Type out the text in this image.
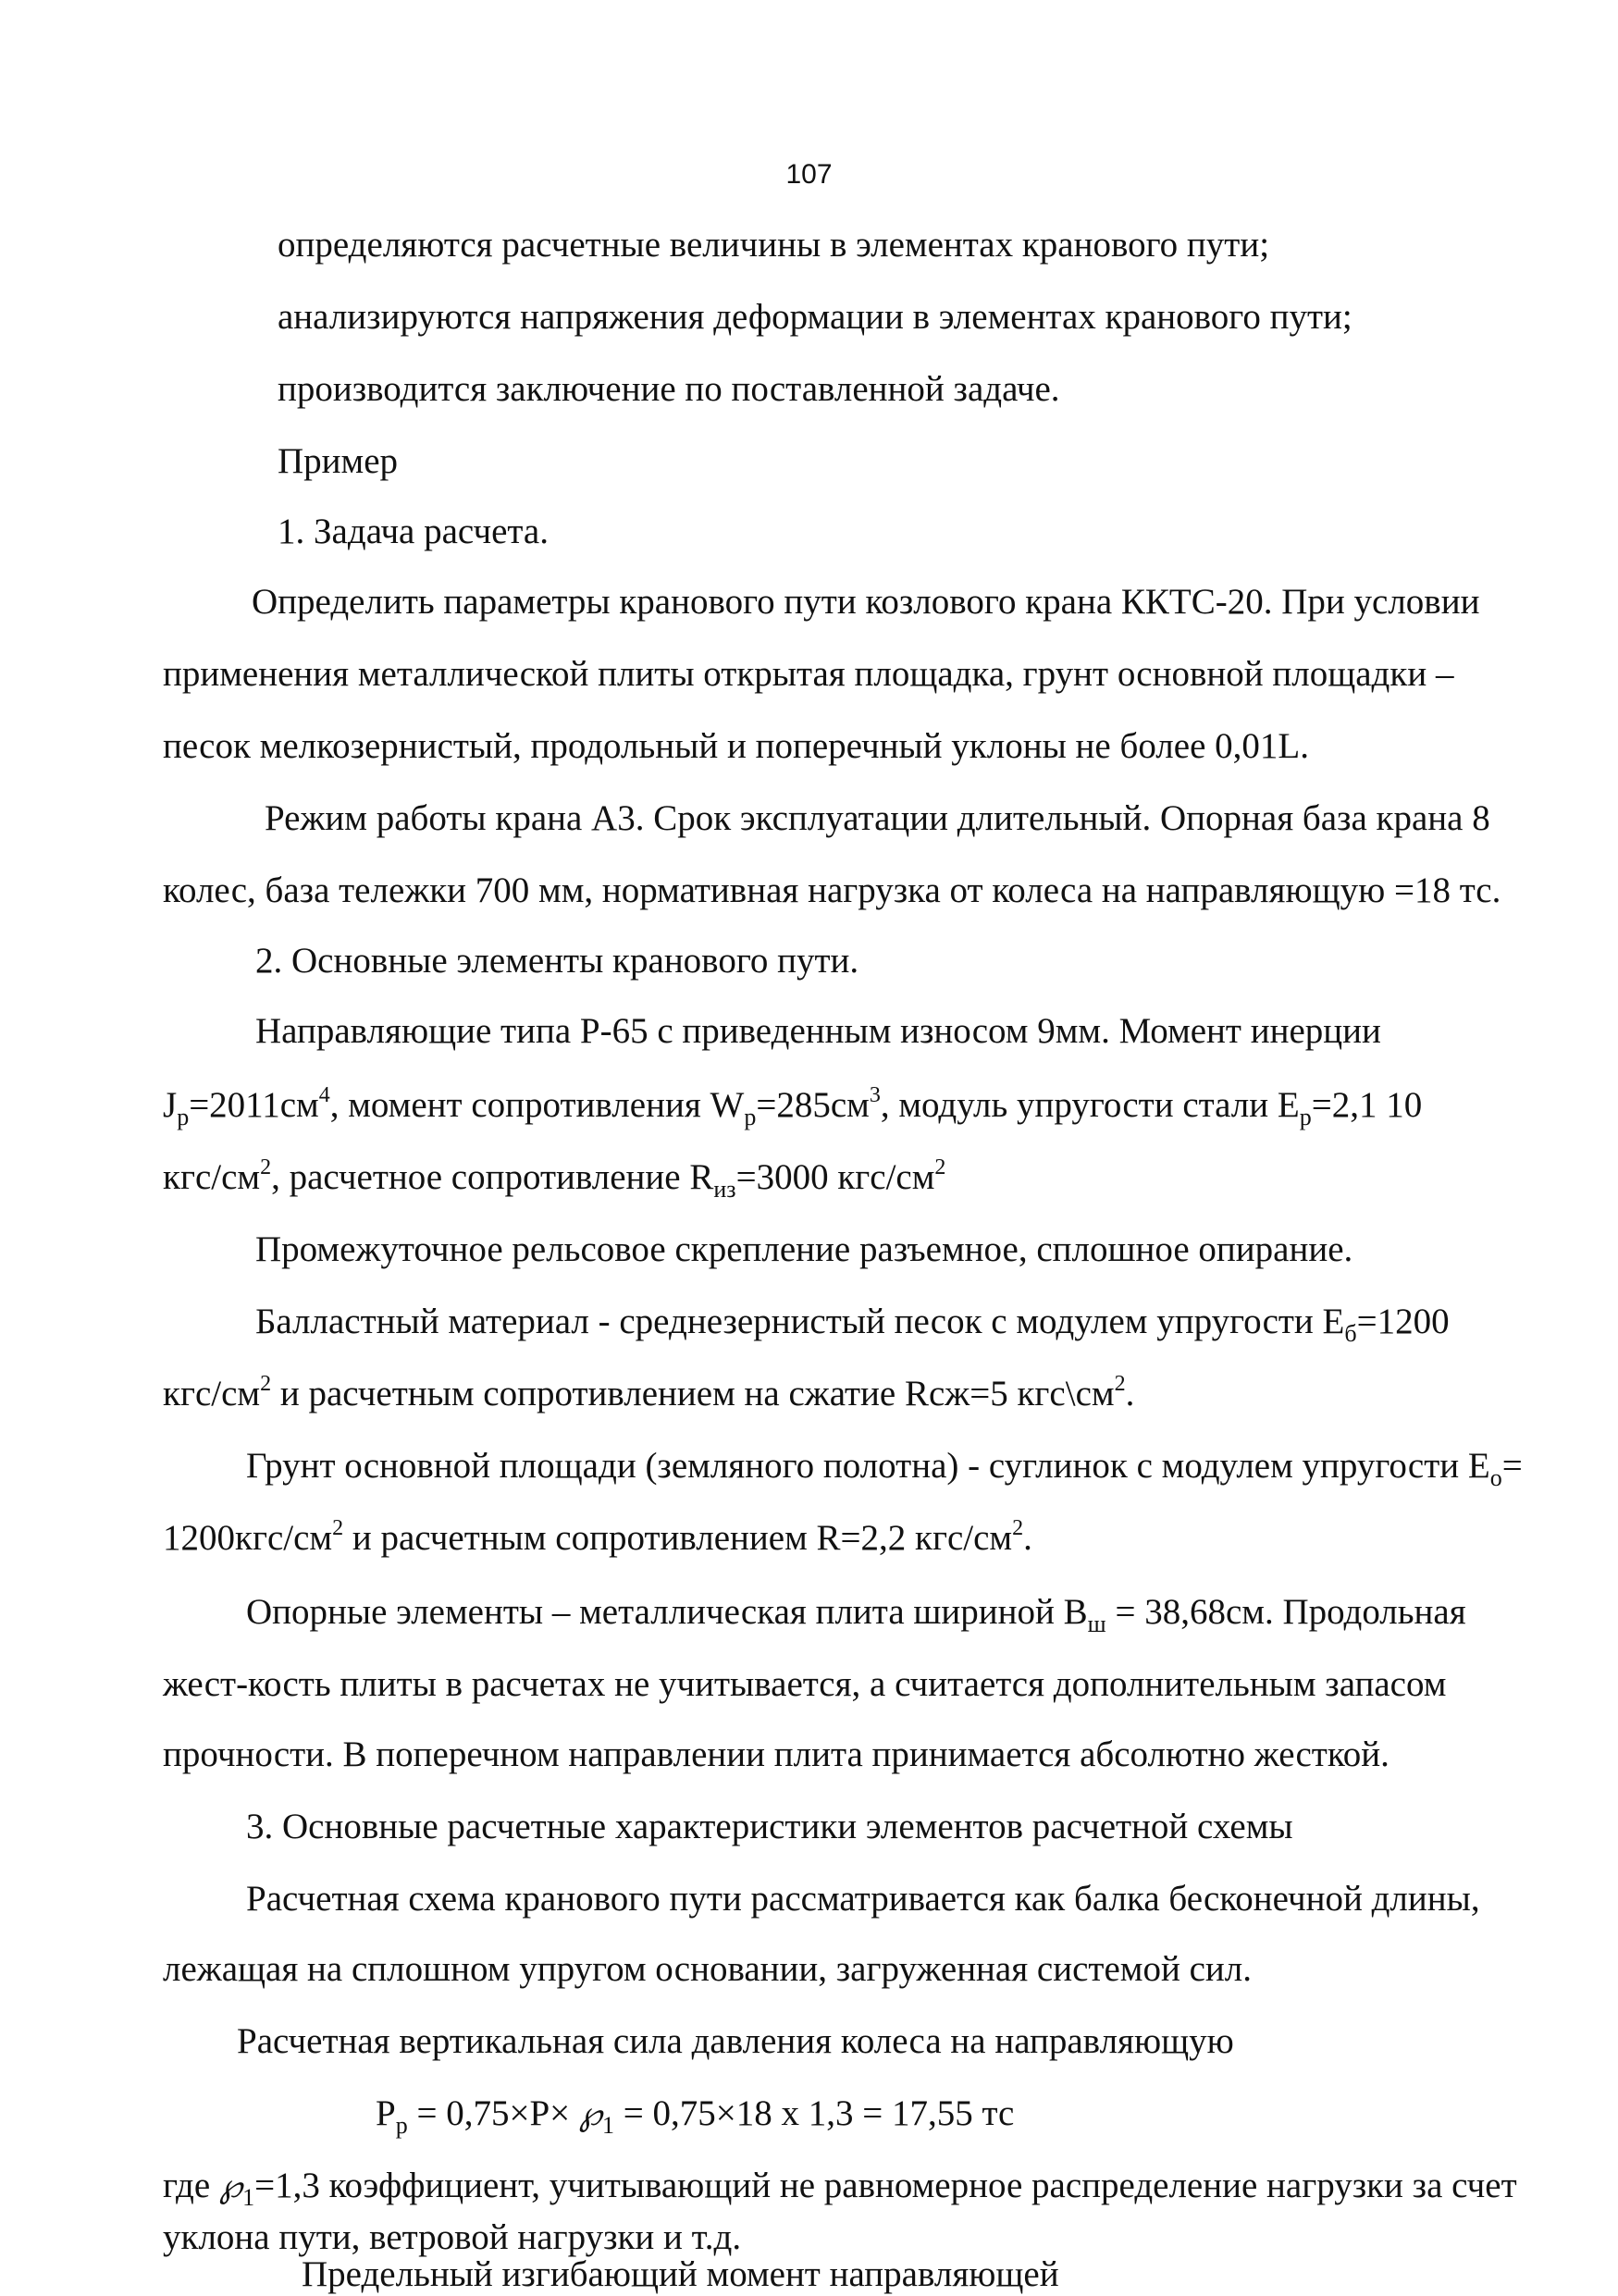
107
определяются расчетные величины в элементах кранового пути;
анализируются напряжения деформации в элементах кранового пути;
производится заключение по поставленной задаче.
Пример
1. Задача расчета.
Определить параметры кранового пути козлового крана ККТС-20. При условии
применения металлической плиты открытая площадка, грунт основной площадки –
песок мелкозернистый, продольный и поперечный уклоны не более 0,01L.
Режим работы крана А3. Срок эксплуатации длительный. Опорная база крана 8
колес, база тележки 700 мм, нормативная нагрузка от колеса на направляющую =18 тс.
2. Основные элементы кранового пути.
Направляющие типа Р-65 с приведенным износом 9мм. Момент инерции
$J_р=2011см^4$, момент сопротивления $W_р=285см^3$, модуль упругости стали $Е_р=2,1$ 10
кгс/$см^2$, расчетное сопротивление $R_{из}=3000$ кгс/$см^2$
Промежуточное рельсовое скрепление разъемное, сплошное опирание.
Балластный материал - среднезернистый песок с модулем упругости $Е_б=1200$
кгс/$см^2$ и расчетным сопротивлением на сжатие Rсж=5 $кгс\backslash см^2$.
Грунт основной площади (земляного полотна) - суглинок с модулем упругости $Е_о=$
$1200кгс/см^2$ и расчетным сопротивлением R=2,2 кгс/$см^2$.
Опорные элементы – металлическая плита шириной $В_ш = 38,68см$. Продольная
жест-кость плиты в расчетах не учитывается, а считается дополнительным запасом
прочности. В поперечном направлении плита принимается абсолютно жесткой.
3. Основные расчетные характеристики элементов расчетной схемы
Расчетная схема кранового пути рассматривается как балка бесконечной длины,
лежащая на сплошном упругом основании, загруженная системой сил.
Расчетная вертикальная сила давления колеса на направляющую
$Р_р = 0,75\times Р\times$ $℘_1 = 0,75\times 18$ х 1,3 = 17,55 тс
где $℘_1=1,3$ коэффициент, учитывающий не равномерное распределение нагрузки за счет
уклона пути, ветровой нагрузки и т.д.
Предельный изгибающий момент направляющей
